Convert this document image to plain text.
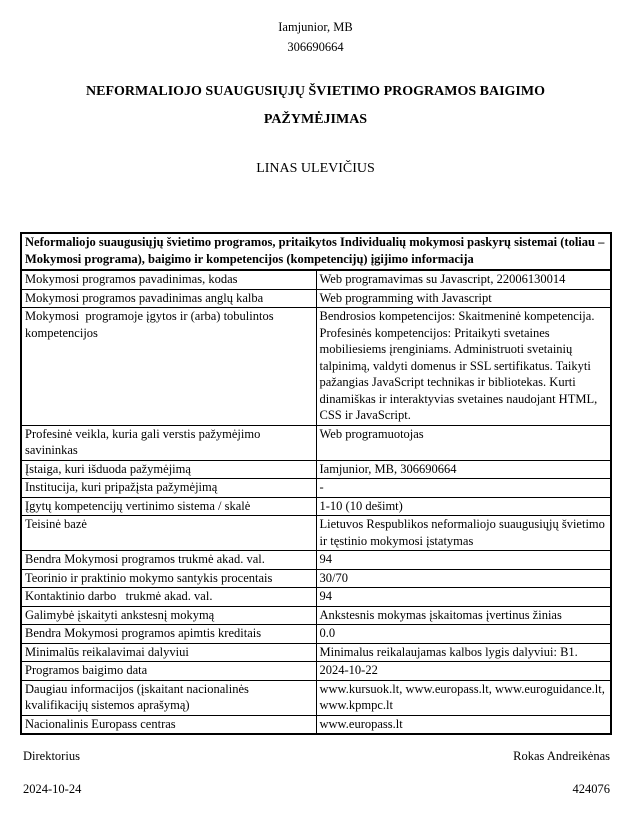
Iamjunior, MB
306690664
NEFORMALIOJO SUAUGUSIŲJŲ ŠVIETIMO PROGRAMOS BAIGIMO PAŽYMĖJIMAS
LINAS ULEVIČIUS
Neformaliojo suaugusiųjų švietimo programos, pritaikytos Individualių mokymosi paskyrų sistemai (toliau – Mokymosi programa), baigimo ir kompetencijos (kompetencijų) įgijimo informacija	
Mokymosi programos pavadinimas, kodas	Web programavimas su Javascript, 22006130014
Mokymosi programos pavadinimas anglų kalba	Web programming with Javascript
Mokymosi  programoje įgytos ir (arba) tobulintos kompetencijos	Bendrosios kompetencijos: Skaitmeninė kompetencija. Profesinės kompetencijos: Pritaikyti svetaines mobiliesiems įrenginiams. Administruoti svetainių talpinimą, valdyti domenus ir SSL sertifikatus. Taikyti pažangias JavaScript technikas ir bibliotekas. Kurti dinamiškas ir interaktyvias svetaines naudojant HTML, CSS ir JavaScript.
Profesinė veikla, kuria gali verstis pažymėjimo savininkas	Web programuotojas
Įstaiga, kuri išduoda pažymėjimą	Iamjunior, MB, 306690664
Institucija, kuri pripažįsta pažymėjimą	-
Įgytų kompetencijų vertinimo sistema / skalė	1-10 (10 dešimt)
Teisinė bazė	Lietuvos Respublikos neformaliojo suaugusiųjų švietimo ir tęstinio mokymosi įstatymas
Bendra Mokymosi programos trukmė akad. val.	94
Teorinio ir praktinio mokymo santykis procentais	30/70
Kontaktinio darbo   trukmė akad. val.	94
Galimybė įskaityti ankstesnį mokymą	Ankstesnis mokymas įskaitomas įvertinus žinias
Bendra Mokymosi programos apimtis kreditais	0.0
Minimalūs reikalavimai dalyviui	Minimalus reikalaujamas kalbos lygis dalyviui: B1.
Programos baigimo data	2024-10-22
Daugiau informacijos (įskaitant nacionalinės kvalifikacijų sistemos aprašymą)	www.kursuok.lt, www.europass.lt, www.euroguidance.lt, www.kpmpc.lt
Nacionalinis Europass centras	www.europass.lt
Direktorius	Rokas Andreikėnas
2024-10-24	424076
